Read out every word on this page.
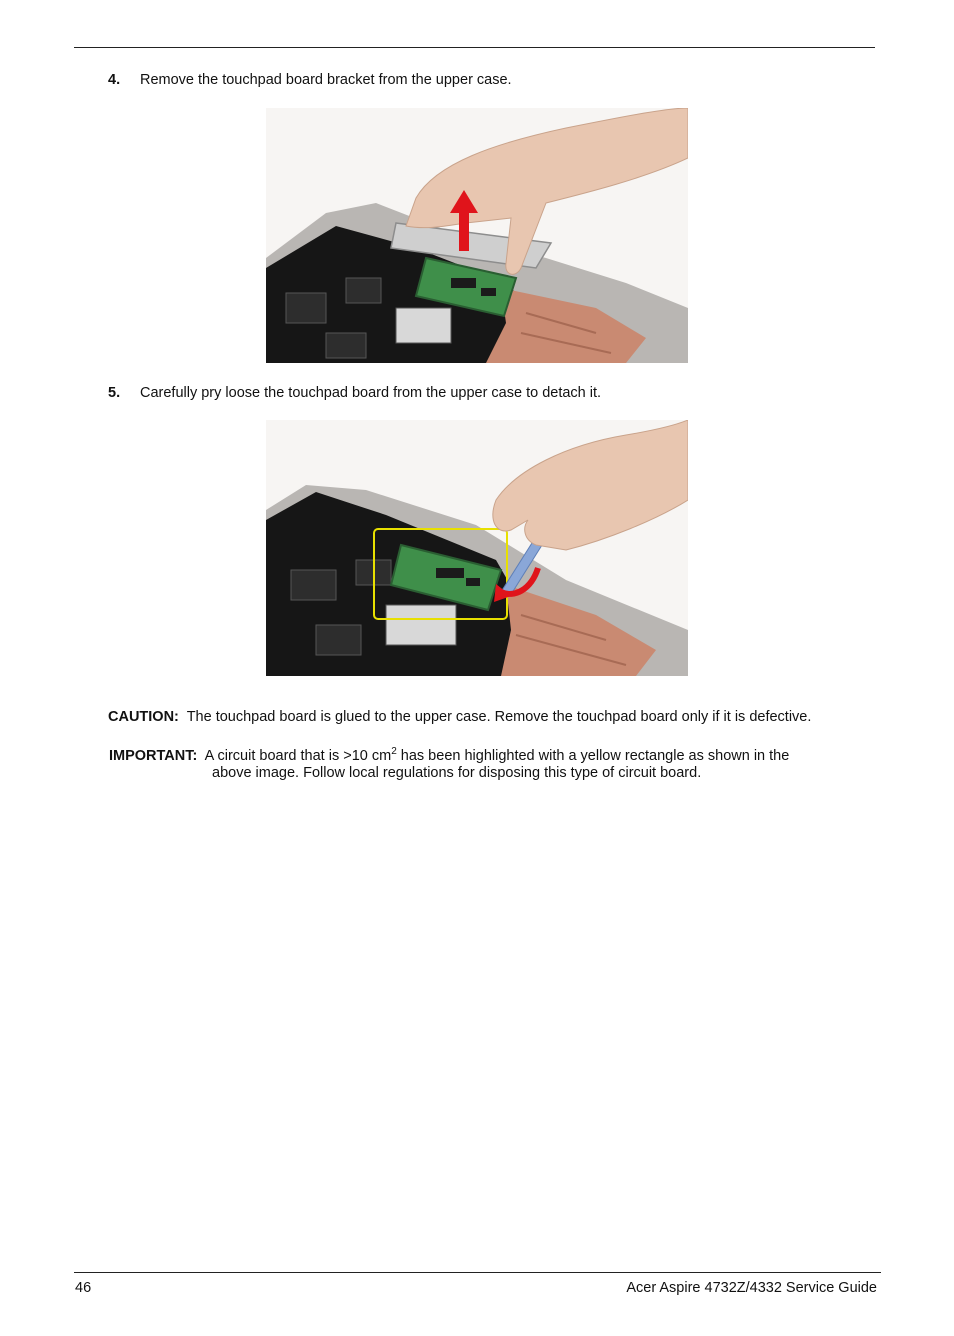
4. Remove the touchpad board bracket from the upper case.
5. Carefully pry loose the touchpad board from the upper case to detach it.
CAUTION: The touchpad board is glued to the upper case. Remove the touchpad board only if it is defective.
IMPORTANT: A circuit board that is >10 $cm^2$ has been highlighted with a yellow rectangle as shown in the
above image. Follow local regulations for disposing this type of circuit board.
46	Acer Aspire 4732Z/4332 Service Guide
